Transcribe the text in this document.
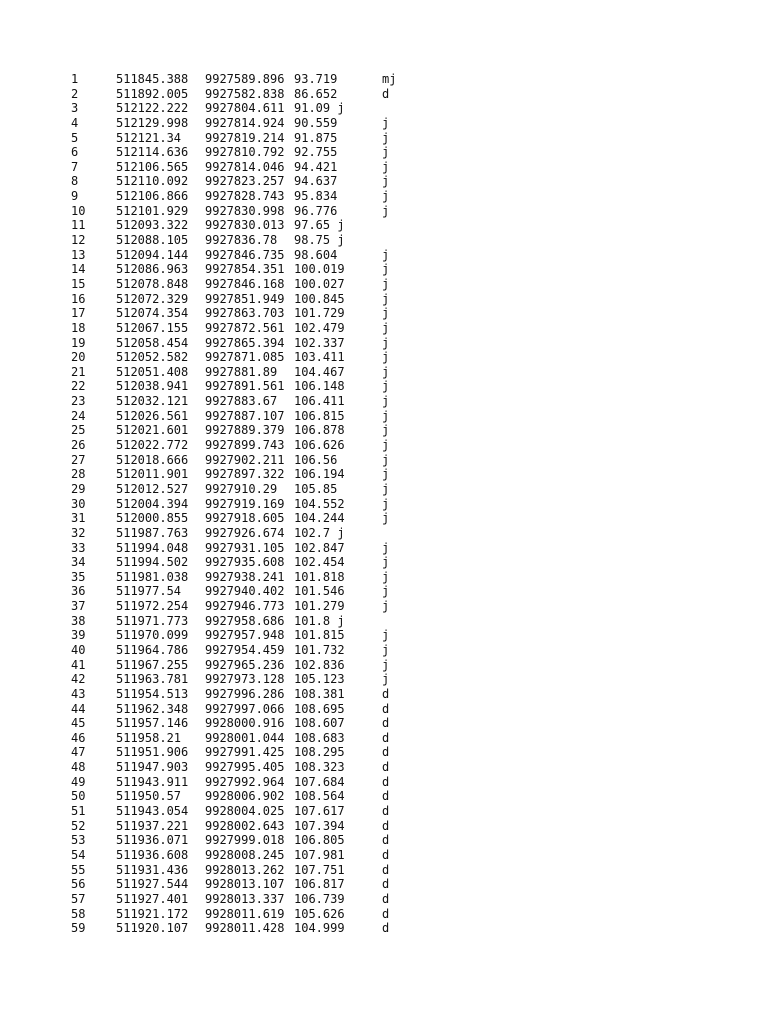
1	511845.388 9927589.896 93.719	mj
2	511892.005 9927582.838 86.652	d
3	512122.222 9927804.611 91.09 j
4	512129.998 9927814.924 90.559	j
5	512121.34 9927819.214 91.875	j
6	512114.636 9927810.792 92.755	j
7	512106.565 9927814.046 94.421	j
8	512110.092 9927823.257 94.637	j
9	512106.866 9927828.743 95.834	j
10	512101.929 9927830.998 96.776	j
11	512093.322 9927830.013 97.65 j
12	512088.105 9927836.78 98.75 j
13	512094.144 9927846.735 98.604	j
14	512086.963 9927854.351 100.019	j
15	512078.848 9927846.168 100.027	j
16	512072.329 9927851.949 100.845	j
17	512074.354 9927863.703 101.729	j
18	512067.155 9927872.561 102.479	j
19	512058.454 9927865.394 102.337	j
20	512052.582 9927871.085 103.411	j
21	512051.408 9927881.89 104.467	j
22	512038.941 9927891.561 106.148	j
23	512032.121 9927883.67 106.411	j
24	512026.561 9927887.107 106.815	j
25	512021.601 9927889.379 106.878	j
26	512022.772 9927899.743 106.626	j
27	512018.666 9927902.211 106.56	j
28	512011.901 9927897.322 106.194	j
29	512012.527 9927910.29 105.85	j
30	512004.394 9927919.169 104.552	j
31	512000.855 9927918.605 104.244	j
32	511987.763 9927926.674 102.7 j
33	511994.048 9927931.105 102.847	j
34	511994.502 9927935.608 102.454	j
35	511981.038 9927938.241 101.818	j
36	511977.54 9927940.402 101.546	j
37	511972.254 9927946.773 101.279	j
38	511971.773 9927958.686 101.8 j
39	511970.099 9927957.948 101.815	j
40	511964.786 9927954.459 101.732	j
41	511967.255 9927965.236 102.836	j
42	511963.781 9927973.128 105.123	j
43	511954.513 9927996.286 108.381	d
44	511962.348 9927997.066 108.695	d
45	511957.146 9928000.916 108.607	d
46	511958.21 9928001.044 108.683	d
47	511951.906 9927991.425 108.295	d
48	511947.903 9927995.405 108.323	d
49	511943.911 9927992.964 107.684	d
50	511950.57 9928006.902 108.564	d
51	511943.054 9928004.025 107.617	d
52	511937.221 9928002.643 107.394	d
53	511936.071 9927999.018 106.805	d
54	511936.608 9928008.245 107.981	d
55	511931.436 9928013.262 107.751	d
56	511927.544 9928013.107 106.817	d
57	511927.401 9928013.337 106.739	d
58	511921.172 9928011.619 105.626	d
59	511920.107 9928011.428 104.999	d
